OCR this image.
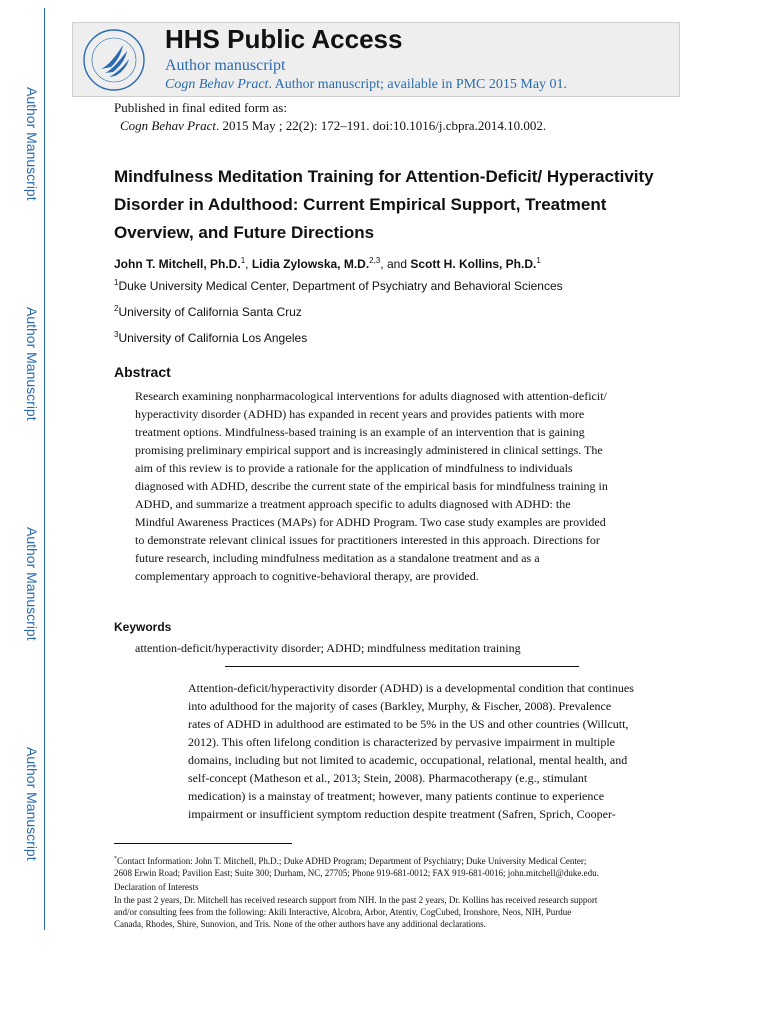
Author Manuscript
Author Manuscript
Author Manuscript
Author Manuscript
HHS Public Access
Author manuscript
Cogn Behav Pract. Author manuscript; available in PMC 2015 May 01.
Published in final edited form as:
Cogn Behav Pract. 2015 May ; 22(2): 172–191. doi:10.1016/j.cbpra.2014.10.002.
Mindfulness Meditation Training for Attention-Deficit/ Hyperactivity Disorder in Adulthood: Current Empirical Support, Treatment Overview, and Future Directions
John T. Mitchell, Ph.D.$^1$, Lidia Zylowska, M.D.$^{2,3}$, and Scott H. Kollins, Ph.D.$^1$
$^1$Duke University Medical Center, Department of Psychiatry and Behavioral Sciences
$^2$University of California Santa Cruz
$^3$University of California Los Angeles
Abstract
Research examining nonpharmacological interventions for adults diagnosed with attention-deficit/
hyperactivity disorder (ADHD) has expanded in recent years and provides patients with more
treatment options. Mindfulness-based training is an example of an intervention that is gaining
promising preliminary empirical support and is increasingly administered in clinical settings. The
aim of this review is to provide a rationale for the application of mindfulness to individuals
diagnosed with ADHD, describe the current state of the empirical basis for mindfulness training in
ADHD, and summarize a treatment approach specific to adults diagnosed with ADHD: the
Mindful Awareness Practices (MAPs) for ADHD Program. Two case study examples are provided
to demonstrate relevant clinical issues for practitioners interested in this approach. Directions for
future research, including mindfulness meditation as a standalone treatment and as a
complementary approach to cognitive-behavioral therapy, are provided.
Keywords
attention-deficit/hyperactivity disorder; ADHD; mindfulness meditation training
Attention-deficit/hyperactivity disorder (ADHD) is a developmental condition that continues
into adulthood for the majority of cases (Barkley, Murphy, & Fischer, 2008). Prevalence
rates of ADHD in adulthood are estimated to be 5% in the US and other countries (Willcutt,
2012). This often lifelong condition is characterized by pervasive impairment in multiple
domains, including but not limited to academic, occupational, relational, mental health, and
self-concept (Matheson et al., 2013; Stein, 2008). Pharmacotherapy (e.g., stimulant
medication) is a mainstay of treatment; however, many patients continue to experience
impairment or insufficient symptom reduction despite treatment (Safren, Sprich, Cooper-
*Contact Information: John T. Mitchell, Ph.D.; Duke ADHD Program; Department of Psychiatry; Duke University Medical Center;
2608 Erwin Road; Pavilion East; Suite 300; Durham, NC, 27705; Phone 919-681-0012; FAX 919-681-0016; john.mitchell@duke.edu.
Declaration of Interests
In the past 2 years, Dr. Mitchell has received research support from NIH. In the past 2 years, Dr. Kollins has received research support
and/or consulting fees from the following: Akili Interactive, Alcobra, Arbor, Atentiv, CogCubed, Ironshore, Neos, NIH, Purdue
Canada, Rhodes, Shire, Sunovion, and Tris. None of the other authors have any additional declarations.
